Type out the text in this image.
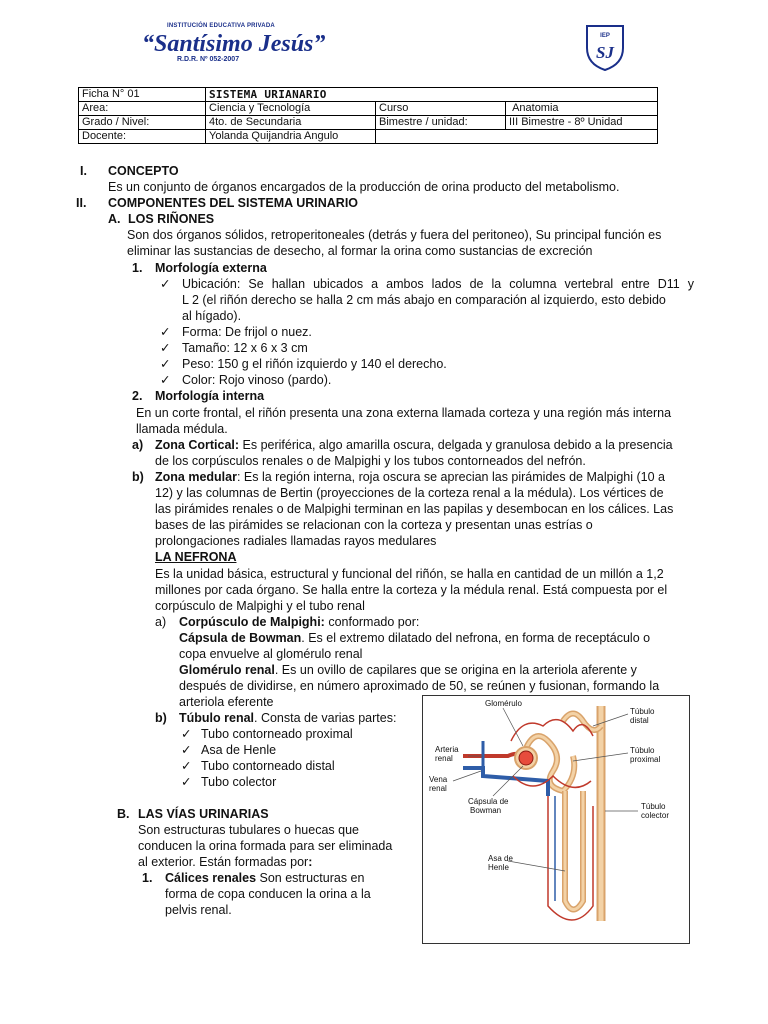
INSTITUCIÓN EDUCATIVA PRIVADA
“Santísimo Jesús”
R.D.R. Nº 052-2007
IEP
SJ
Ficha N° 01	SISTEMA URIANARIO		
Area:	Ciencia y Tecnología	Curso	Anatomia
Grado / Nivel:	4to. de Secundaria	Bimestre / unidad:	III Bimestre - 8º Unidad
Docente:	Yolanda Quijandria Angulo		
I. CONCEPTO
Es un conjunto de órganos encargados de la producción de orina producto del metabolismo.
II. COMPONENTES DEL SISTEMA URINARIO
A. LOS RIÑONES
Son dos órganos sólidos, retroperitoneales (detrás y fuera del peritoneo), Su principal función es
eliminar las sustancias de desecho, al formar la orina como sustancias de excreción
1. Morfología externa
✓ Ubicación: Se hallan ubicados a ambos lados de la columna vertebral entre D11 y
L 2 (el riñón derecho se halla 2 cm más abajo en comparación al izquierdo, esto debido
al hígado).
✓ Forma: De frijol o nuez.
✓ Tamaño: 12 x 6 x 3 cm
✓ Peso: 150 g el riñón izquierdo y 140 el derecho.
✓ Color: Rojo vinoso (pardo).
2. Morfología interna
En un corte frontal, el riñón presenta una zona externa llamada corteza y una región más interna
llamada médula.
a) Zona Cortical: Es periférica, algo amarilla oscura, delgada y granulosa debido a la presencia
de los corpúsculos renales o de Malpighi y los tubos contorneados del nefrón.
b) Zona medular: Es la región interna, roja oscura se aprecian las pirámides de Malpighi (10 a
12) y las columnas de Bertin (proyecciones de la corteza renal a la médula). Los vértices de
las pirámides renales o de Malpighi terminan en las papilas y desembocan en los cálices. Las
bases de las pirámides se relacionan con la corteza y presentan unas estrías o
prolongaciones radiales llamadas rayos medulares
LA NEFRONA
Es la unidad básica, estructural y funcional del riñón, se halla en cantidad de un millón a 1,2
millones por cada órgano. Se halla entre la corteza y la médula renal. Está compuesta por el
corpúsculo de Malpighi y el tubo renal
a) Corpúsculo de Malpighi: conformado por:
Cápsula de Bowman. Es el extremo dilatado del nefrona, en forma de receptáculo o
copa envuelve al glomérulo renal
Glomérulo renal. Es un ovillo de capilares que se origina en la arteriola aferente y
después de dividirse, en número aproximado de 50, se reúnen y fusionan, formando la
arteriola eferente
b) Túbulo renal. Consta de varias partes:
✓ Tubo contorneado proximal
✓ Asa de Henle
✓ Tubo contorneado distal
✓ Tubo colector
B. LAS VÍAS URINARIAS
Son estructuras tubulares o huecas que
conducen la orina formada para ser eliminada
al exterior. Están formadas por:
1. Cálices renales Son estructuras en
forma de copa conducen la orina a la
pelvis renal.
Glomérulo
Arteria
renal
Vena
renal
Cápsula de
Bowman
Asa de
Henle
Túbulo
distal
Túbulo
proximal
Túbulo
colector
